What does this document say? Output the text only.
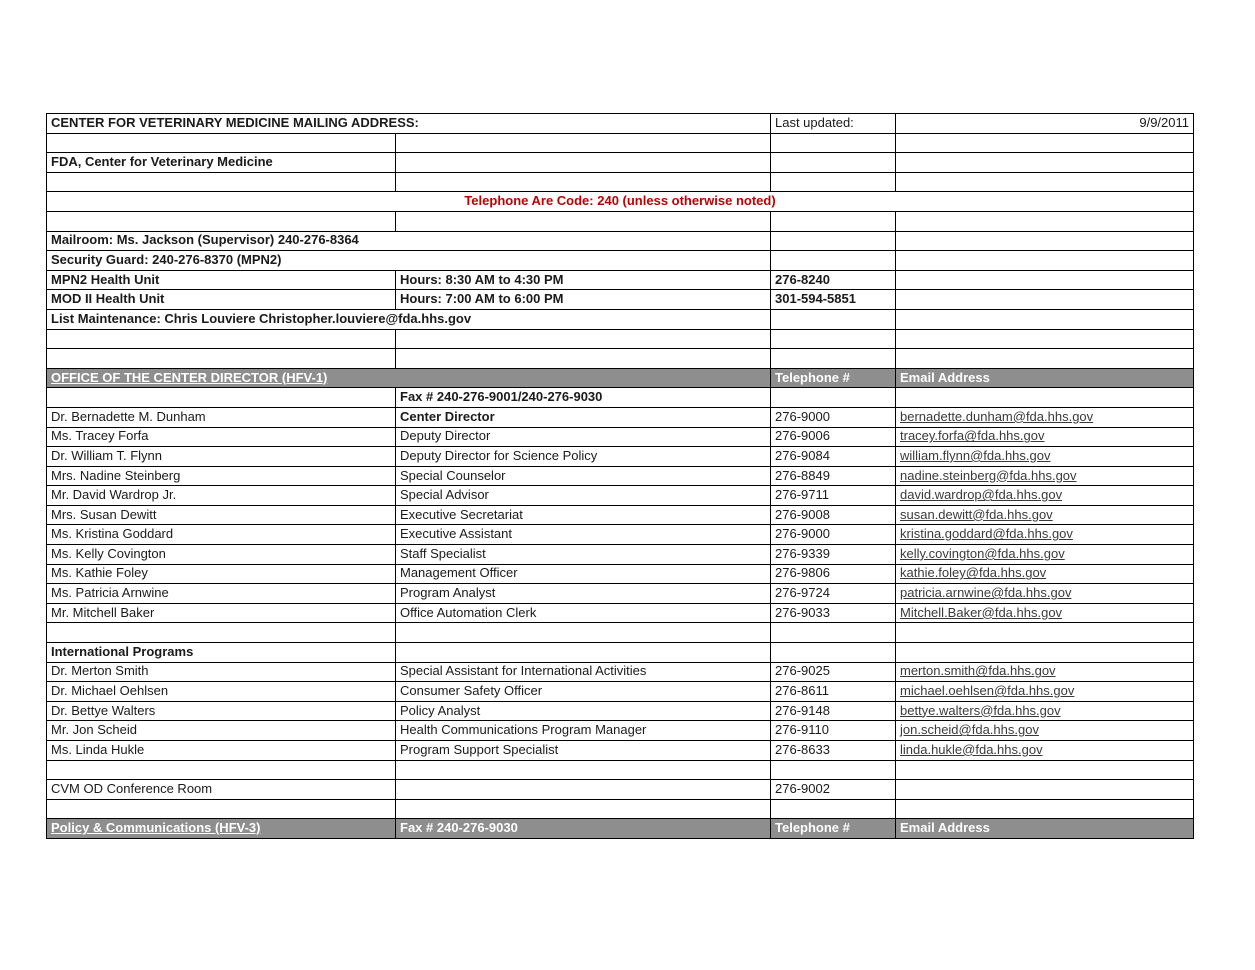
CENTER FOR VETERINARY MEDICINE MAILING ADDRESS:		Last updated:	9/9/2011

FDA, Center for Veterinary Medicine			

Telephone Are Code: 240 (unless otherwise noted)			

Mailroom: Ms. Jackson (Supervisor) 240-276-8364			
Security Guard: 240-276-8370 (MPN2)			
MPN2 Health Unit	Hours: 8:30 AM to 4:30 PM	276-8240	
MOD II Health Unit	Hours: 7:00 AM to 6:00 PM	301-594-5851	
List Maintenance: Chris Louviere Christopher.louviere@fda.hhs.gov			

OFFICE OF THE CENTER DIRECTOR (HFV-1)		Telephone #	Email Address
	Fax # 240-276-9001/240-276-9030		
Dr. Bernadette M. Dunham	Center Director	276-9000	bernadette.dunham@fda.hhs.gov
Ms. Tracey Forfa	Deputy Director	276-9006	tracey.forfa@fda.hhs.gov
Dr. William T. Flynn	Deputy Director for Science Policy	276-9084	william.flynn@fda.hhs.gov
Mrs. Nadine Steinberg	Special Counselor	276-8849	nadine.steinberg@fda.hhs.gov
Mr. David Wardrop Jr.	Special Advisor	276-9711	david.wardrop@fda.hhs.gov
Mrs. Susan Dewitt	Executive Secretariat	276-9008	susan.dewitt@fda.hhs.gov
Ms. Kristina Goddard	Executive Assistant	276-9000	kristina.goddard@fda.hhs.gov
Ms. Kelly Covington	Staff Specialist	276-9339	kelly.covington@fda.hhs.gov
Ms. Kathie Foley	Management Officer	276-9806	kathie.foley@fda.hhs.gov
Ms. Patricia Arnwine	Program Analyst	276-9724	patricia.arnwine@fda.hhs.gov
Mr. Mitchell Baker	Office Automation Clerk	276-9033	Mitchell.Baker@fda.hhs.gov

International Programs			
Dr. Merton Smith	Special Assistant for International Activities	276-9025	merton.smith@fda.hhs.gov
Dr. Michael Oehlsen	Consumer Safety Officer	276-8611	michael.oehlsen@fda.hhs.gov
Dr. Bettye Walters	Policy Analyst	276-9148	bettye.walters@fda.hhs.gov
Mr. Jon Scheid	Health Communications Program Manager	276-9110	jon.scheid@fda.hhs.gov
Ms. Linda Hukle	Program Support Specialist	276-8633	linda.hukle@fda.hhs.gov

CVM OD Conference Room		276-9002	

Policy & Communications (HFV-3)	Fax # 240-276-9030	Telephone #	Email Address
